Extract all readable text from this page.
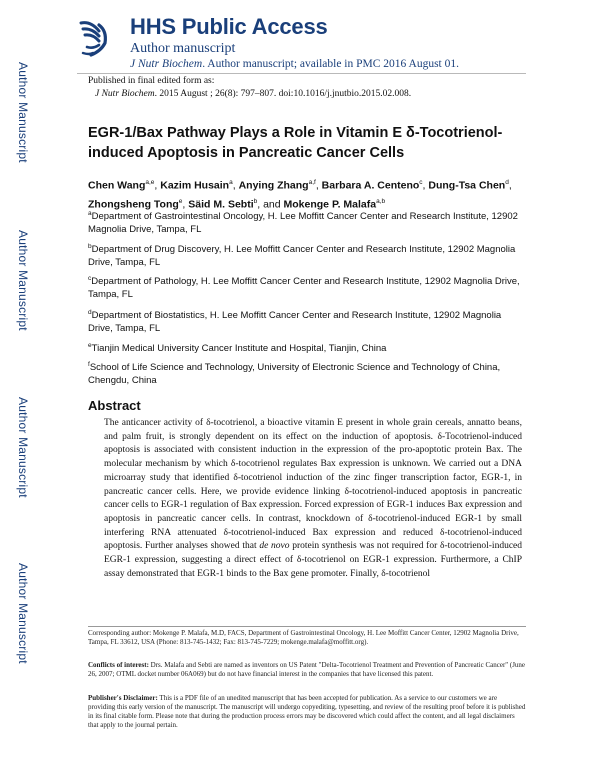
Author Manuscript
Author Manuscript
Author Manuscript
Author Manuscript
HHS Public Access
Author manuscript
J Nutr Biochem. Author manuscript; available in PMC 2016 August 01.
Published in final edited form as:
J Nutr Biochem. 2015 August ; 26(8): 797–807. doi:10.1016/j.jnutbio.2015.02.008.
EGR-1/Bax Pathway Plays a Role in Vitamin E δ-Tocotrienol-induced Apoptosis in Pancreatic Cancer Cells
Chen Wang$^{a,e}$, Kazim Husain$^a$, Anying Zhang$^{a,f}$, Barbara A. Centeno$^c$, Dung-Tsa Chen$^d$, Zhongsheng Tong$^e$, Säid M. Sebti$^b$, and Mokenge P. Malafa$^{a,b}$
$^a$Department of Gastrointestinal Oncology, H. Lee Moffitt Cancer Center and Research Institute, 12902 Magnolia Drive, Tampa, FL
$^b$Department of Drug Discovery, H. Lee Moffitt Cancer Center and Research Institute, 12902 Magnolia Drive, Tampa, FL
$^c$Department of Pathology, H. Lee Moffitt Cancer Center and Research Institute, 12902 Magnolia Drive, Tampa, FL
$^d$Department of Biostatistics, H. Lee Moffitt Cancer Center and Research Institute, 12902 Magnolia Drive, Tampa, FL
$^e$Tianjin Medical University Cancer Institute and Hospital, Tianjin, China
$^f$School of Life Science and Technology, University of Electronic Science and Technology of China, Chengdu, China
Abstract
The anticancer activity of δ-tocotrienol, a bioactive vitamin E present in whole grain cereals, annatto beans, and palm fruit, is strongly dependent on its effect on the induction of apoptosis. δ-Tocotrienol-induced apoptosis is associated with consistent induction in the expression of the pro-apoptotic protein Bax. The molecular mechanism by which δ-tocotrienol regulates Bax expression is unknown. We carried out a DNA microarray study that identified δ-tocotrienol induction of the zinc finger transcription factor, EGR-1, in pancreatic cancer cells. Here, we provide evidence linking δ-tocotrienol-induced apoptosis in pancreatic cancer cells to EGR-1 regulation of Bax expression. Forced expression of EGR-1 induces Bax expression and apoptosis in pancreatic cancer cells. In contrast, knockdown of δ-tocotrienol-induced EGR-1 by small interfering RNA attenuated δ-tocotrienol-induced Bax expression and reduced δ-tocotrienol-induced apoptosis. Further analyses showed that de novo protein synthesis was not required for δ-tocotrienol-induced EGR-1 expression, suggesting a direct effect of δ-tocotrienol on EGR-1 expression. Furthermore, a ChIP assay demonstrated that EGR-1 binds to the Bax gene promoter. Finally, δ-tocotrienol
Corresponding author: Mokenge P. Malafa, M.D, FACS, Department of Gastrointestinal Oncology, H. Lee Moffitt Cancer Center, 12902 Magnolia Drive, Tampa, FL 33612, USA (Phone: 813-745-1432; Fax: 813-745-7229; mokenge.malafa@moffitt.org).
Conflicts of interest: Drs. Malafa and Sebti are named as inventors on US Patent "Delta-Tocotrienol Treatment and Prevention of Pancreatic Cancer" (June 26, 2007; OTML docket number 06A069) but do not have financial interest in the companies that have licensed this patent.
Publisher's Disclaimer: This is a PDF file of an unedited manuscript that has been accepted for publication. As a service to our customers we are providing this early version of the manuscript. The manuscript will undergo copyediting, typesetting, and review of the resulting proof before it is published in its final citable form. Please note that during the production process errors may be discovered which could affect the content, and all legal disclaimers that apply to the journal pertain.
